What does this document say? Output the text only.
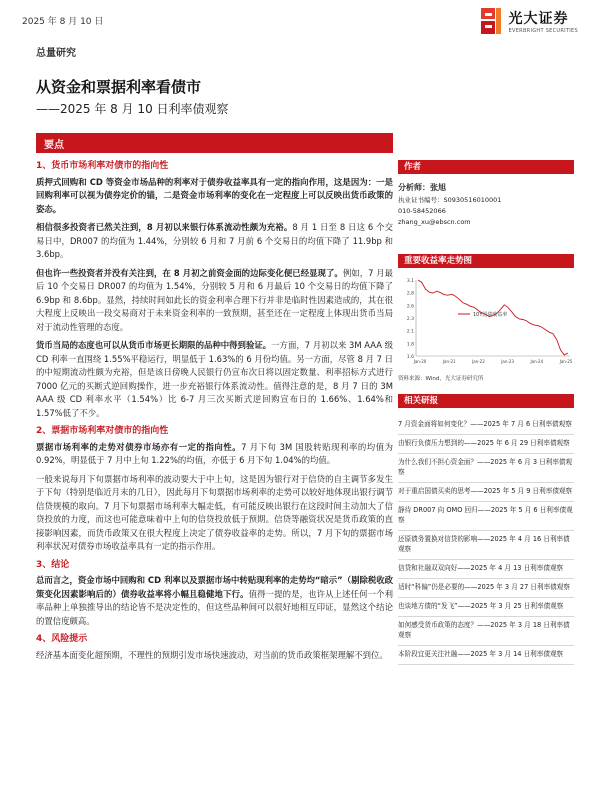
2025 年 8 月 10 日	光大证券
EVERBRIGHT SECURITIES
总量研究
从资金和票据利率看债市
——2025 年 8 月 10 日利率债观察
要点
1、货币市场利率对债市的指向性
质押式回购和 CD 等资金市场品种的利率对于债券收益率具有一定的指向作用，这是因为：一是回购利率可以视为债券定价的锚，二是资金市场利率的变化在一定程度上可以反映出货币政策的姿态。
相信很多投资者已然关注到，8 月初以来银行体系流动性颇为充裕。8 月 1 日至 8 日这 6 个交易日中，DR007 的均值为 1.44%，分别较 6 月和 7 月前 6 个交易日的均值下降了 11.9bp 和 3.6bp。
但也许一些投资者并没有关注到，在 8 月初之前资金面的边际变化便已经显现了。例如，7 月最后 10 个交易日 DR007 的均值为 1.54%，分别较 5 月和 6 月最后 10 个交易日的均值下降了 6.9bp 和 8.6bp。显然，持续时间如此长的资金利率合理下行并非是临时性因素造成的，其在很大程度上反映出一段交易商对于未来资金利率的一致预期，甚至还在一定程度上体现出货币当局对于流动性管理的态度。
货币当局的态度也可以从货币市场更长期限的品种中得到验证。一方面，7 月初以来 3M AAA 级 CD 利率一直围绕 1.55%平稳运行，明显低于 1.63%的 6 月份均值。另一方面，尽管 8 月 7 日的中短期流动性颇为充裕，但是该日傍晚人民银行仍宣布次日将以固定数量、利率招标方式进行 7000 亿元的买断式逆回购操作，进一步充裕银行体系流动性。值得注意的是，8 月 7 日的 3M AAA 级 CD 利率水平（1.54%）比 6-7 月三次买断式逆回购宣布日的 1.66%、1.64%和 1.57%低了不少。
2、票据市场利率对债市的指向性
票据市场利率的走势对债券市场亦有一定的指向性。7 月下旬 3M 国股转贴现利率的均值为 0.92%，明显低于 7 月中上旬 1.22%的均值，亦低于 6 月下旬 1.04%的均值。
一般来说每月下旬票据市场利率的波动要大于中上旬，这是因为银行对于信贷的自主调节多发生于下旬（特别是临近月末的几日），因此每月下旬票据市场利率的走势可以较好地体现出银行调节信贷规模的取向。7 月下旬票据市场利率大幅走低，有可能反映出银行在这段时间主动加大了信贷投放的力度，而这也可能意味着中上旬的信贷投放低于预期。信贷等融资状况是货币政策的直接影响因素，而货币政策又在很大程度上决定了债券收益率的走势。所以，7 月下旬的票据市场利率状况对债券市场收益率具有一定的指示作用。
3、结论
总而言之，资金市场中回购和 CD 利率以及票据市场中转贴现利率的走势均“暗示”（剔除税收政策变化因素影响后的）债券收益率将小幅且稳健地下行。值得一提的是，也许从上述任何一个利率品种上单独推导出的结论皆不是决定性的，但这些品种间可以很好地相互印证，显然这个结论的置信度颇高。
4、风险提示
经济基本面变化超预期，不理性的预期引发市场快速波动，对当前的货币政策框架理解不到位。
作者
分析师：张旭
执业证书编号：S0930516010001
010-58452066
zhang_xu@ebscn.com
重要收益率走势图
1.6
1.8
2.1
2.3
2.6
2.8
3.1
Jan-20	Jan-21	Jan-22	Jan-23	Jan-24	Jan-25
10Y国债收益率
资料来源：Wind，光大证券研究所
相关研报
7 月资金面将如何变化？——2025 年 7 月 6 日利率债观察
由银行负债压力想到的——2025 年 6 月 29 日利率债观察
为什么我们不担心资金面？——2025 年 6 月 3 日利率债观察
对于重启国债买卖的思考——2025 年 5 月 9 日利率债观察
静待 DR007 向 OMO 回归——2025 年 5 月 6 日利率债观察
还原债务置换对信贷的影响——2025 年 4 月 16 日利率债观察
信贷和社融双双向好——2025 年 4 月 13 日利率债观察
适时“科偏”仍是必要的——2025 年 3 月 27 日利率债观察
也谈地方债的“发飞”——2025 年 3 月 25 日利率债观察
如何感受货币政策的态度？——2025 年 3 月 18 日利率债观察
本阶段宜更关注社融——2025 年 3 月 14 日利率债观察
